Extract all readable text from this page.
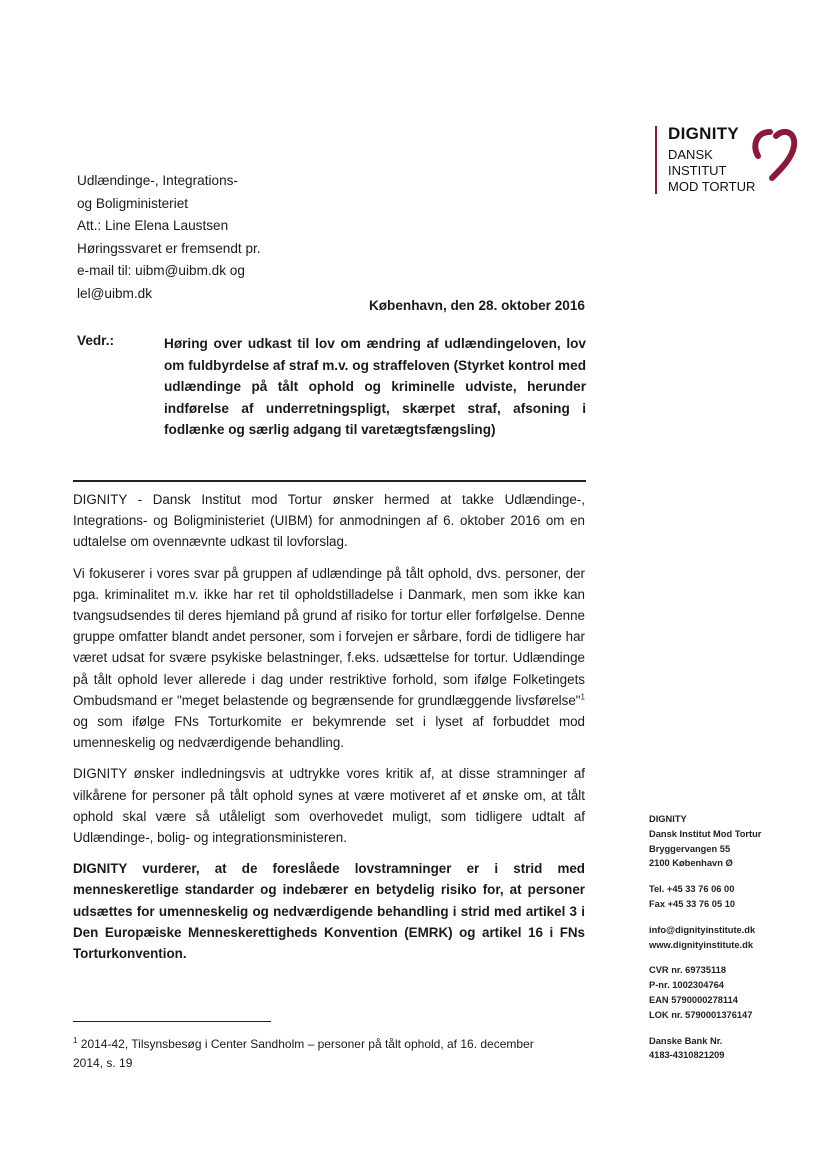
DIGNITY
DANSK
INSTITUT
MOD TORTUR
Udlændinge-, Integrations-
og Boligministeriet
Att.: Line Elena Laustsen
Høringssvaret er fremsendt pr.
e-mail til: uibm@uibm.dk og
lel@uibm.dk
København, den 28. oktober 2016
Vedr.:	Høring over udkast til lov om ændring af udlændingeloven, lov om fuldbyrdelse af straf m.v. og straffeloven (Styrket kontrol med udlændinge på tålt ophold og kriminelle udviste, herunder indførelse af underretningspligt, skærpet straf, afsoning i fodlænke og særlig adgang til varetægtsfængsling)

DIGNITY - Dansk Institut mod Tortur ønsker hermed at takke Udlændinge-, Integrations- og Boligministeriet (UIBM) for anmodningen af 6. oktober 2016 om en udtalelse om ovennævnte udkast til lovforslag.

Vi fokuserer i vores svar på gruppen af udlændinge på tålt ophold, dvs. personer, der pga. kriminalitet m.v. ikke har ret til opholdstilladelse i Danmark, men som ikke kan tvangsudsendes til deres hjemland på grund af risiko for tortur eller forfølgelse. Denne gruppe omfatter blandt andet personer, som i forvejen er sårbare, fordi de tidligere har været udsat for svære psykiske belastninger, f.eks. udsættelse for tortur. Udlændinge på tålt ophold lever allerede i dag under restriktive forhold, som ifølge Folketingets Ombudsmand er "meget belastende og begrænsende for grundlæggende livsførelse"$^1$ og som ifølge FNs Torturkomite er bekymrende set i lyset af forbuddet mod umenneskelig og nedværdigende behandling.

DIGNITY ønsker indledningsvis at udtrykke vores kritik af, at disse stramninger af vilkårene for personer på tålt ophold synes at være motiveret af et ønske om, at tålt ophold skal være så utåleligt som overhovedet muligt, som tidligere udtalt af Udlændinge-, bolig- og integrationsministeren.

DIGNITY vurderer, at de foreslåede lovstramninger er i strid med menneskeretlige standarder og indebærer en betydelig risiko for, at personer udsættes for umenneskelig og nedværdigende behandling i strid med artikel 3 i Den Europæiske Menneskerettigheds Konvention (EMRK) og artikel 16 i FNs Torturkonvention.

$^1$ 2014-42, Tilsynsbesøg i Center Sandholm – personer på tålt ophold, af 16. december 2014, s. 19
DIGNITY
Dansk Institut Mod Tortur
Bryggervangen 55
2100 København Ø
Tel. +45 33 76 06 00
Fax +45 33 76 05 10
info@dignityinstitute.dk
www.dignityinstitute.dk
CVR nr. 69735118
P-nr. 1002304764
EAN 5790000278114
LOK nr. 5790001376147
Danske Bank Nr.
4183-4310821209
